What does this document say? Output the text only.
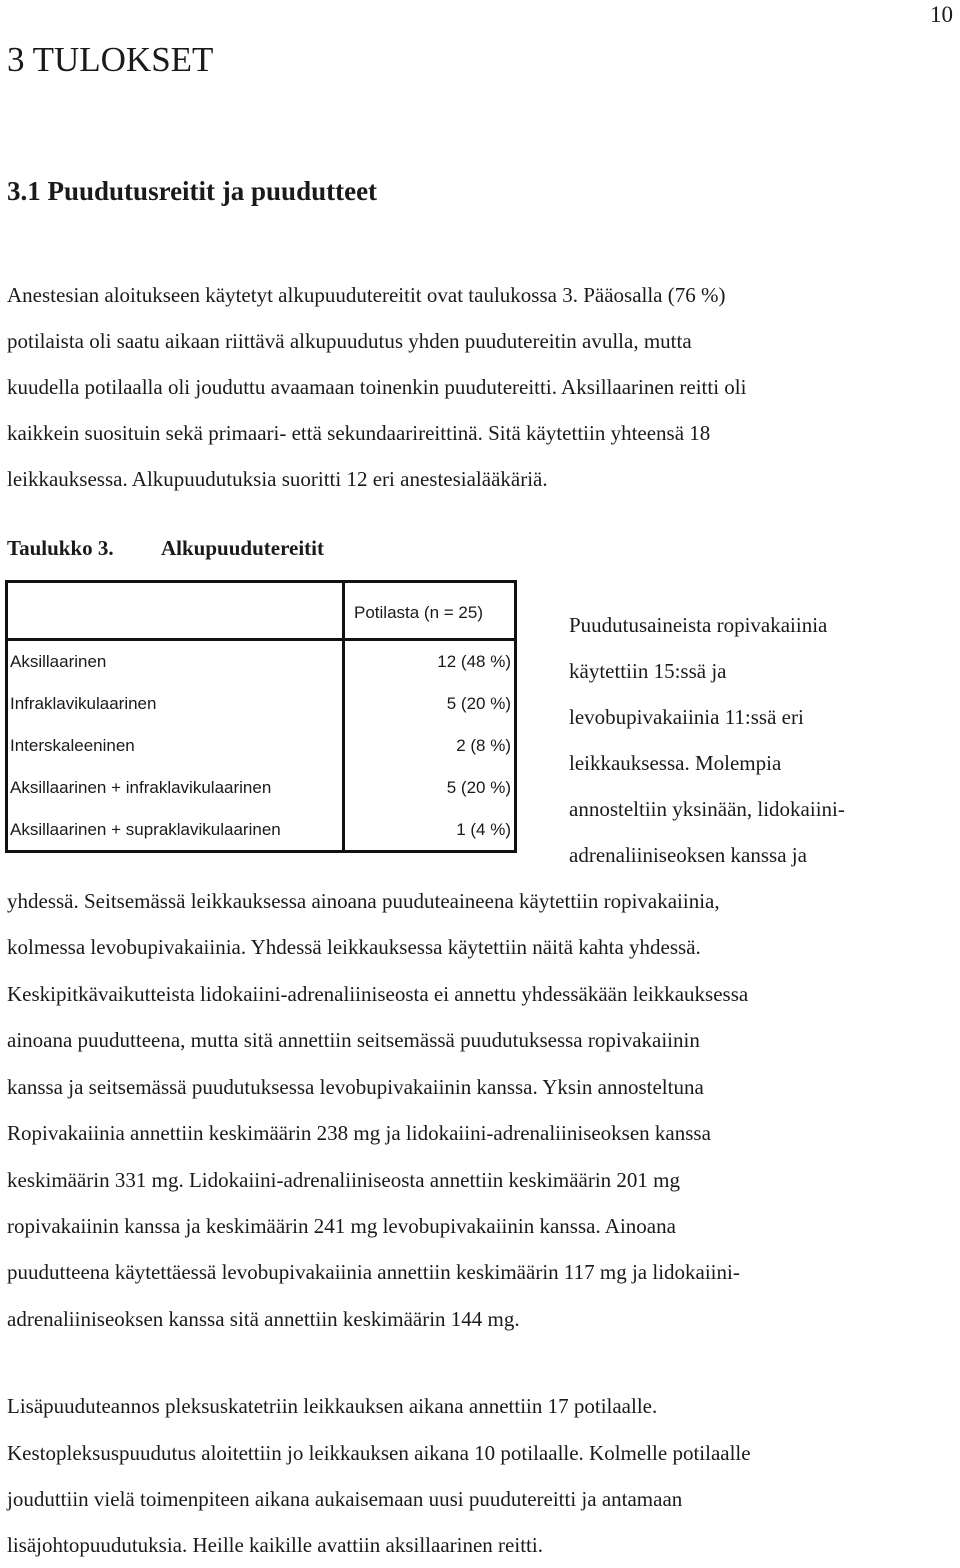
10
3 TULOKSET
3.1 Puudutusreitit ja puudutteet
Anestesian aloitukseen käytetyt alkupuudutereitit ovat taulukossa 3. Pääosalla (76 %)
potilaista oli saatu aikaan riittävä alkupuudutus yhden puudutereitin avulla, mutta
kuudella potilaalla oli jouduttu avaamaan toinenkin puudutereitti. Aksillaarinen reitti oli
kaikkein suosituin sekä primaari- että sekundaarireittinä. Sitä käytettiin yhteensä 18
leikkauksessa. Alkupuudutuksia suoritti 12 eri anestesialääkäriä.
Taulukko 3. Alkupuudutereitit
Potilasta (n = 25)
Aksillaarinen	12 (48 %)
Infraklavikulaarinen	5 (20 %)
Interskaleeninen	2 (8 %)
Aksillaarinen + infraklavikulaarinen	5 (20 %)
Aksillaarinen + supraklavikulaarinen	1 (4 %)
Puudutusaineista ropivakaiinia
käytettiin 15:ssä ja
levobupivakaiinia 11:ssä eri
leikkauksessa. Molempia
annosteltiin yksinään, lidokaiini-
adrenaliiniseoksen kanssa ja
yhdessä. Seitsemässä leikkauksessa ainoana puuduteaineena käytettiin ropivakaiinia,
kolmessa levobupivakaiinia. Yhdessä leikkauksessa käytettiin näitä kahta yhdessä.
Keskipitkävaikutteista lidokaiini-adrenaliiniseosta ei annettu yhdessäkään leikkauksessa
ainoana puudutteena, mutta sitä annettiin seitsemässä puudutuksessa ropivakaiinin
kanssa ja seitsemässä puudutuksessa levobupivakaiinin kanssa. Yksin annosteltuna
Ropivakaiinia annettiin keskimäärin 238 mg ja lidokaiini-adrenaliiniseoksen kanssa
keskimäärin 331 mg. Lidokaiini-adrenaliiniseosta annettiin keskimäärin 201 mg
ropivakaiinin kanssa ja keskimäärin 241 mg levobupivakaiinin kanssa. Ainoana
puudutteena käytettäessä levobupivakaiinia annettiin keskimäärin 117 mg ja lidokaiini-
adrenaliiniseoksen kanssa sitä annettiin keskimäärin 144 mg.
Lisäpuuduteannos pleksuskatetriin leikkauksen aikana annettiin 17 potilaalle.
Kestopleksuspuudutus aloitettiin jo leikkauksen aikana 10 potilaalle. Kolmelle potilaalle
jouduttiin vielä toimenpiteen aikana aukaisemaan uusi puudutereitti ja antamaan
lisäjohtopuudutuksia. Heille kaikille avattiin aksillaarinen reitti.
